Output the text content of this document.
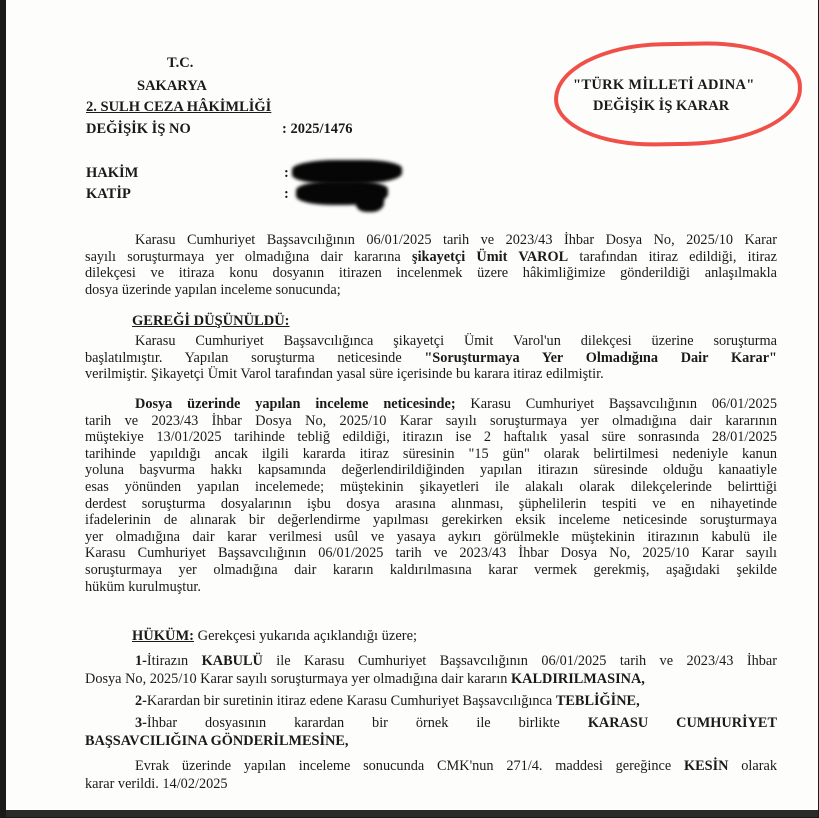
T.C.
SAKARYA
2. SULH CEZA HÂKİMLİĞİ
DEĞİŞİK İŞ NO	: 2025/1476
HAKİM	:
KATİP	:
"TÜRK MİLLETİ ADINA"
DEĞİŞİK İŞ KARAR
Karasu Cumhuriyet Başsavcılığının 06/01/2025 tarih ve 2023/43 İhbar Dosya No, 2025/10 Karar
sayılı soruşturmaya yer olmadığına dair kararına şikayetçi Ümit VAROL tarafından itiraz edildiği, itiraz
dilekçesi ve itiraza konu dosyanın itirazen incelenmek üzere hâkimliğimize gönderildiği anlaşılmakla
dosya üzerinde yapılan inceleme sonucunda;
GEREĞİ DÜŞÜNÜLDÜ:
Karasu Cumhuriyet Başsavcılığınca şikayetçi Ümit Varol'un dilekçesi üzerine soruşturma
başlatılmıştır. Yapılan soruşturma neticesinde "Soruşturmaya Yer Olmadığına Dair Karar"
verilmiştir. Şikayetçi Ümit Varol tarafından yasal süre içerisinde bu karara itiraz edilmiştir.
Dosya üzerinde yapılan inceleme neticesinde; Karasu Cumhuriyet Başsavcılığının 06/01/2025
tarih ve 2023/43 İhbar Dosya No, 2025/10 Karar sayılı soruşturmaya yer olmadığına dair kararının
müştekiye 13/01/2025 tarihinde tebliğ edildiği, itirazın ise 2 haftalık yasal süre sonrasında 28/01/2025
tarihinde yapıldığı ancak ilgili kararda itiraz süresinin "15 gün" olarak belirtilmesi nedeniyle kanun
yoluna başvurma hakkı kapsamında değerlendirildiğinden yapılan itirazın süresinde olduğu kanaatiyle
esas yönünden yapılan incelemede; müştekinin şikayetleri ile alakalı olarak dilekçelerinde belirttiği
derdest soruşturma dosyalarının işbu dosya arasına alınması, şüphelilerin tespiti ve en nihayetinde
ifadelerinin de alınarak bir değerlendirme yapılması gerekirken eksik inceleme neticesinde soruşturmaya
yer olmadığına dair karar verilmesi usûl ve yasaya aykırı görülmekle müştekinin itirazının kabulü ile
Karasu Cumhuriyet Başsavcılığının 06/01/2025 tarih ve 2023/43 İhbar Dosya No, 2025/10 Karar sayılı
soruşturmaya yer olmadığına dair kararın kaldırılmasına karar vermek gerekmiş, aşağıdaki şekilde
hüküm kurulmuştur.
HÜKÜM: Gerekçesi yukarıda açıklandığı üzere;
1-İtirazın KABULÜ ile Karasu Cumhuriyet Başsavcılığının 06/01/2025 tarih ve 2023/43 İhbar
Dosya No, 2025/10 Karar sayılı soruşturmaya yer olmadığına dair kararın KALDIRILMASINA,
2-Karardan bir suretinin itiraz edene Karasu Cumhuriyet Başsavcılığınca TEBLİĞİNE,
3-İhbar dosyasının karardan bir örnek ile birlikte KARASU CUMHURİYET
BAŞSAVCILIĞINA GÖNDERİLMESİNE,
Evrak üzerinde yapılan inceleme sonucunda CMK'nun 271/4. maddesi gereğince KESİN olarak
karar verildi. 14/02/2025
